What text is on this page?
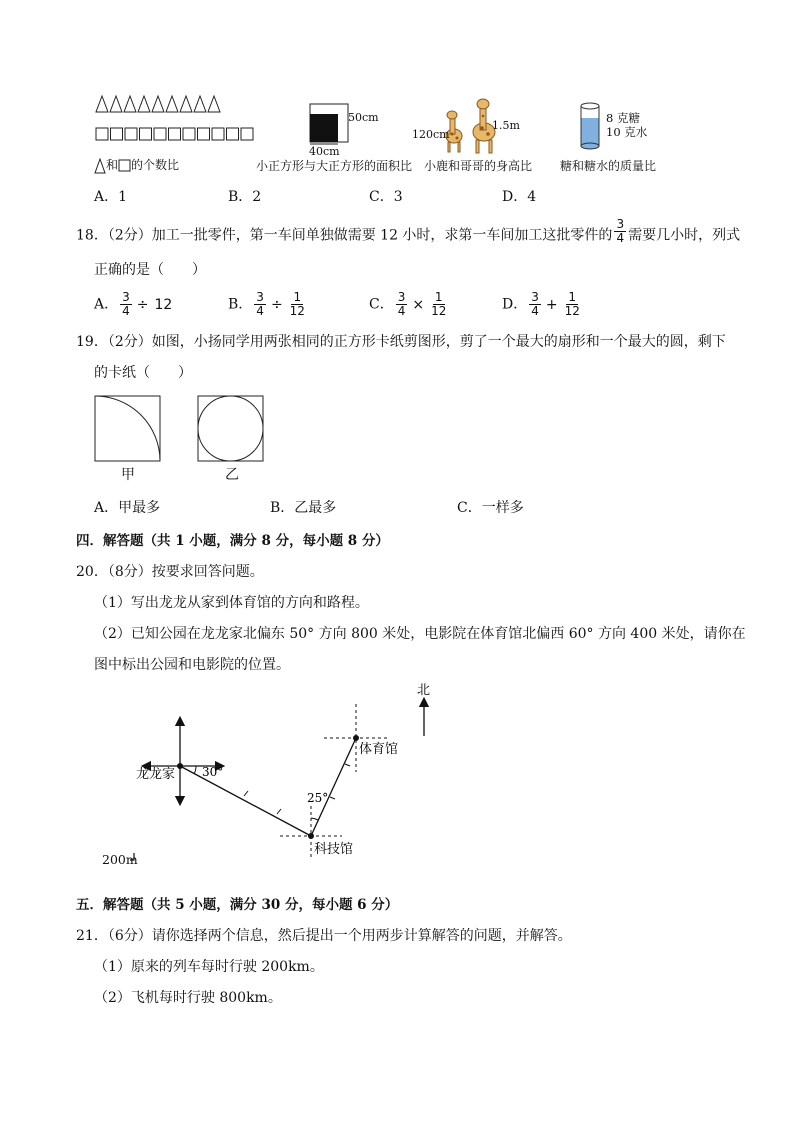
和 的个数比
50cm
40cm
小正方形与大正方形的面积比
120cm
1.5m
小鹿和哥哥的身高比
8 克糖
10 克水
糖和糖水的质量比
A．1	B．2	C．3	D．4
18．（2分）加工一批零件，第一车间单独做需要 12 小时，求第一车间加工这批零件的 $\frac{3}{4}$ 需要几小时，列式
正确的是（　　）
A． $\frac{3}{4} \div 12$	B． $\frac{3}{4} \div \frac{1}{12}$	C． $\frac{3}{4} \times \frac{1}{12}$	D． $\frac{3}{4} + \frac{1}{12}$
19．（2分）如图，小扬同学用两张相同的正方形卡纸剪图形，剪了一个最大的扇形和一个最大的圆，剩下
的卡纸（　　）
甲	乙
A．甲最多	B．乙最多	C．一样多
四．解答题（共 1 小题，满分 8 分，每小题 8 分）
20．（8分）按要求回答问题。
（1）写出龙龙从家到体育馆的方向和路程。
（2）已知公园在龙龙家北偏东 50° 方向 800 米处，电影院在体育馆北偏西 60° 方向 400 米处，请你在
图中标出公园和电影院的位置。
北
龙龙家 30°
25°
体育馆
科技馆
200m
五．解答题（共 5 小题，满分 30 分，每小题 6 分）
21．（6分）请你选择两个信息，然后提出一个用两步计算解答的问题，并解答。
（1）原来的列车每时行驶 200km。
（2）飞机每时行驶 800km。
